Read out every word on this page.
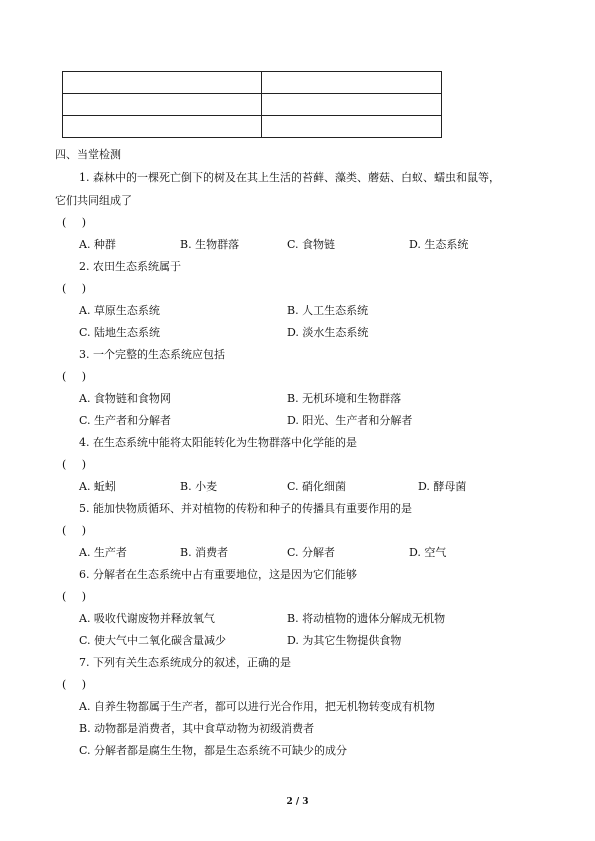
四、当堂检测
1. 森林中的一棵死亡倒下的树及在其上生活的苔藓、藻类、蘑菇、白蚁、蠕虫和鼠等，
它们共同组成了
( )
A. 种群	B. 生物群落	C. 食物链	D. 生态系统
2. 农田生态系统属于
( )
A. 草原生态系统	B. 人工生态系统
C. 陆地生态系统	D. 淡水生态系统
3. 一个完整的生态系统应包括
( )
A. 食物链和食物网	B. 无机环境和生物群落
C. 生产者和分解者	D. 阳光、生产者和分解者
4. 在生态系统中能将太阳能转化为生物群落中化学能的是
( )
A. 蚯蚓	B. 小麦	C. 硝化细菌	D. 酵母菌
5. 能加快物质循环、并对植物的传粉和种子的传播具有重要作用的是
( )
A. 生产者	B. 消费者	C. 分解者	D. 空气
6. 分解者在生态系统中占有重要地位，这是因为它们能够
( )
A. 吸收代谢废物并释放氧气	B. 将动植物的遗体分解成无机物
C. 使大气中二氧化碳含量减少	D. 为其它生物提供食物
7. 下列有关生态系统成分的叙述，正确的是
( )
A. 自养生物都属于生产者，都可以进行光合作用，把无机物转变成有机物
B. 动物都是消费者，其中食草动物为初级消费者
C. 分解者都是腐生生物，都是生态系统不可缺少的成分
2 / 3
